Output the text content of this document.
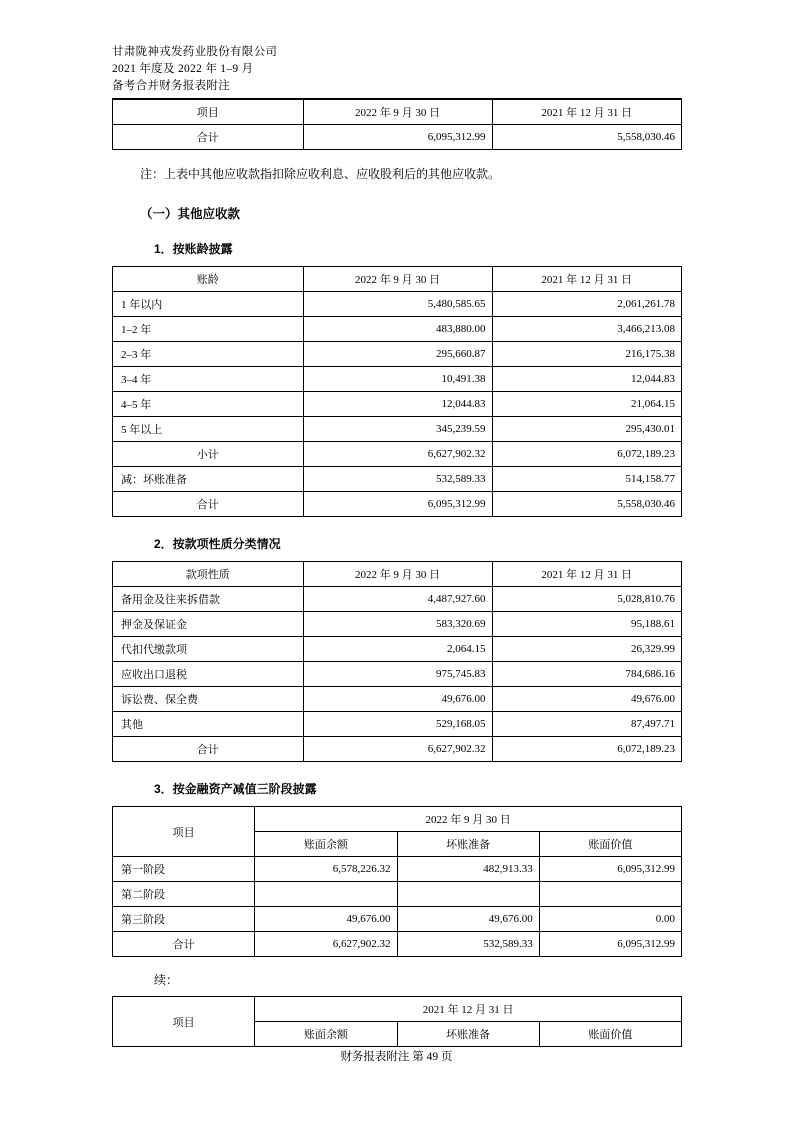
甘肃陇神戎发药业股份有限公司
2021 年度及 2022 年 1–9 月
备考合并财务报表附注
项目	2022 年 9 月 30 日	2021 年 12 月 31 日
合计	6,095,312.99	5,558,030.46

注：上表中其他应收款指扣除应收利息、应收股利后的其他应收款。

（一）其他应收款
1．按账龄披露
账龄	2022 年 9 月 30 日	2021 年 12 月 31 日
1 年以内	5,480,585.65	2,061,261.78
1–2 年	483,880.00	3,466,213.08
2–3 年	295,660.87	216,175.38
3–4 年	10,491.38	12,044.83
4–5 年	12,044.83	21,064.15
5 年以上	345,239.59	295,430.01
小计	6,627,902.32	6,072,189.23
减：坏账准备	532,589.33	514,158.77
合计	6,095,312.99	5,558,030.46
2．按款项性质分类情况
款项性质	2022 年 9 月 30 日	2021 年 12 月 31 日
备用金及往来拆借款	4,487,927.60	5,028,810.76
押金及保证金	583,320.69	95,188.61
代扣代缴款项	2,064.15	26,329.99
应收出口退税	975,745.83	784,686.16
诉讼费、保全费	49,676.00	49,676.00
其他	529,168.05	87,497.71
合计	6,627,902.32	6,072,189.23
3．按金融资产减值三阶段披露
项目	2022 年 9 月 30 日		
	账面余额	坏账准备	账面价值
第一阶段	6,578,226.32	482,913.33	6,095,312.99
第二阶段			
第三阶段	49,676.00	49,676.00	0.00
合计	6,627,902.32	532,589.33	6,095,312.99

续：

项目	2021 年 12 月 31 日		
	账面余额	坏账准备	账面价值
财务报表附注 第 49 页
